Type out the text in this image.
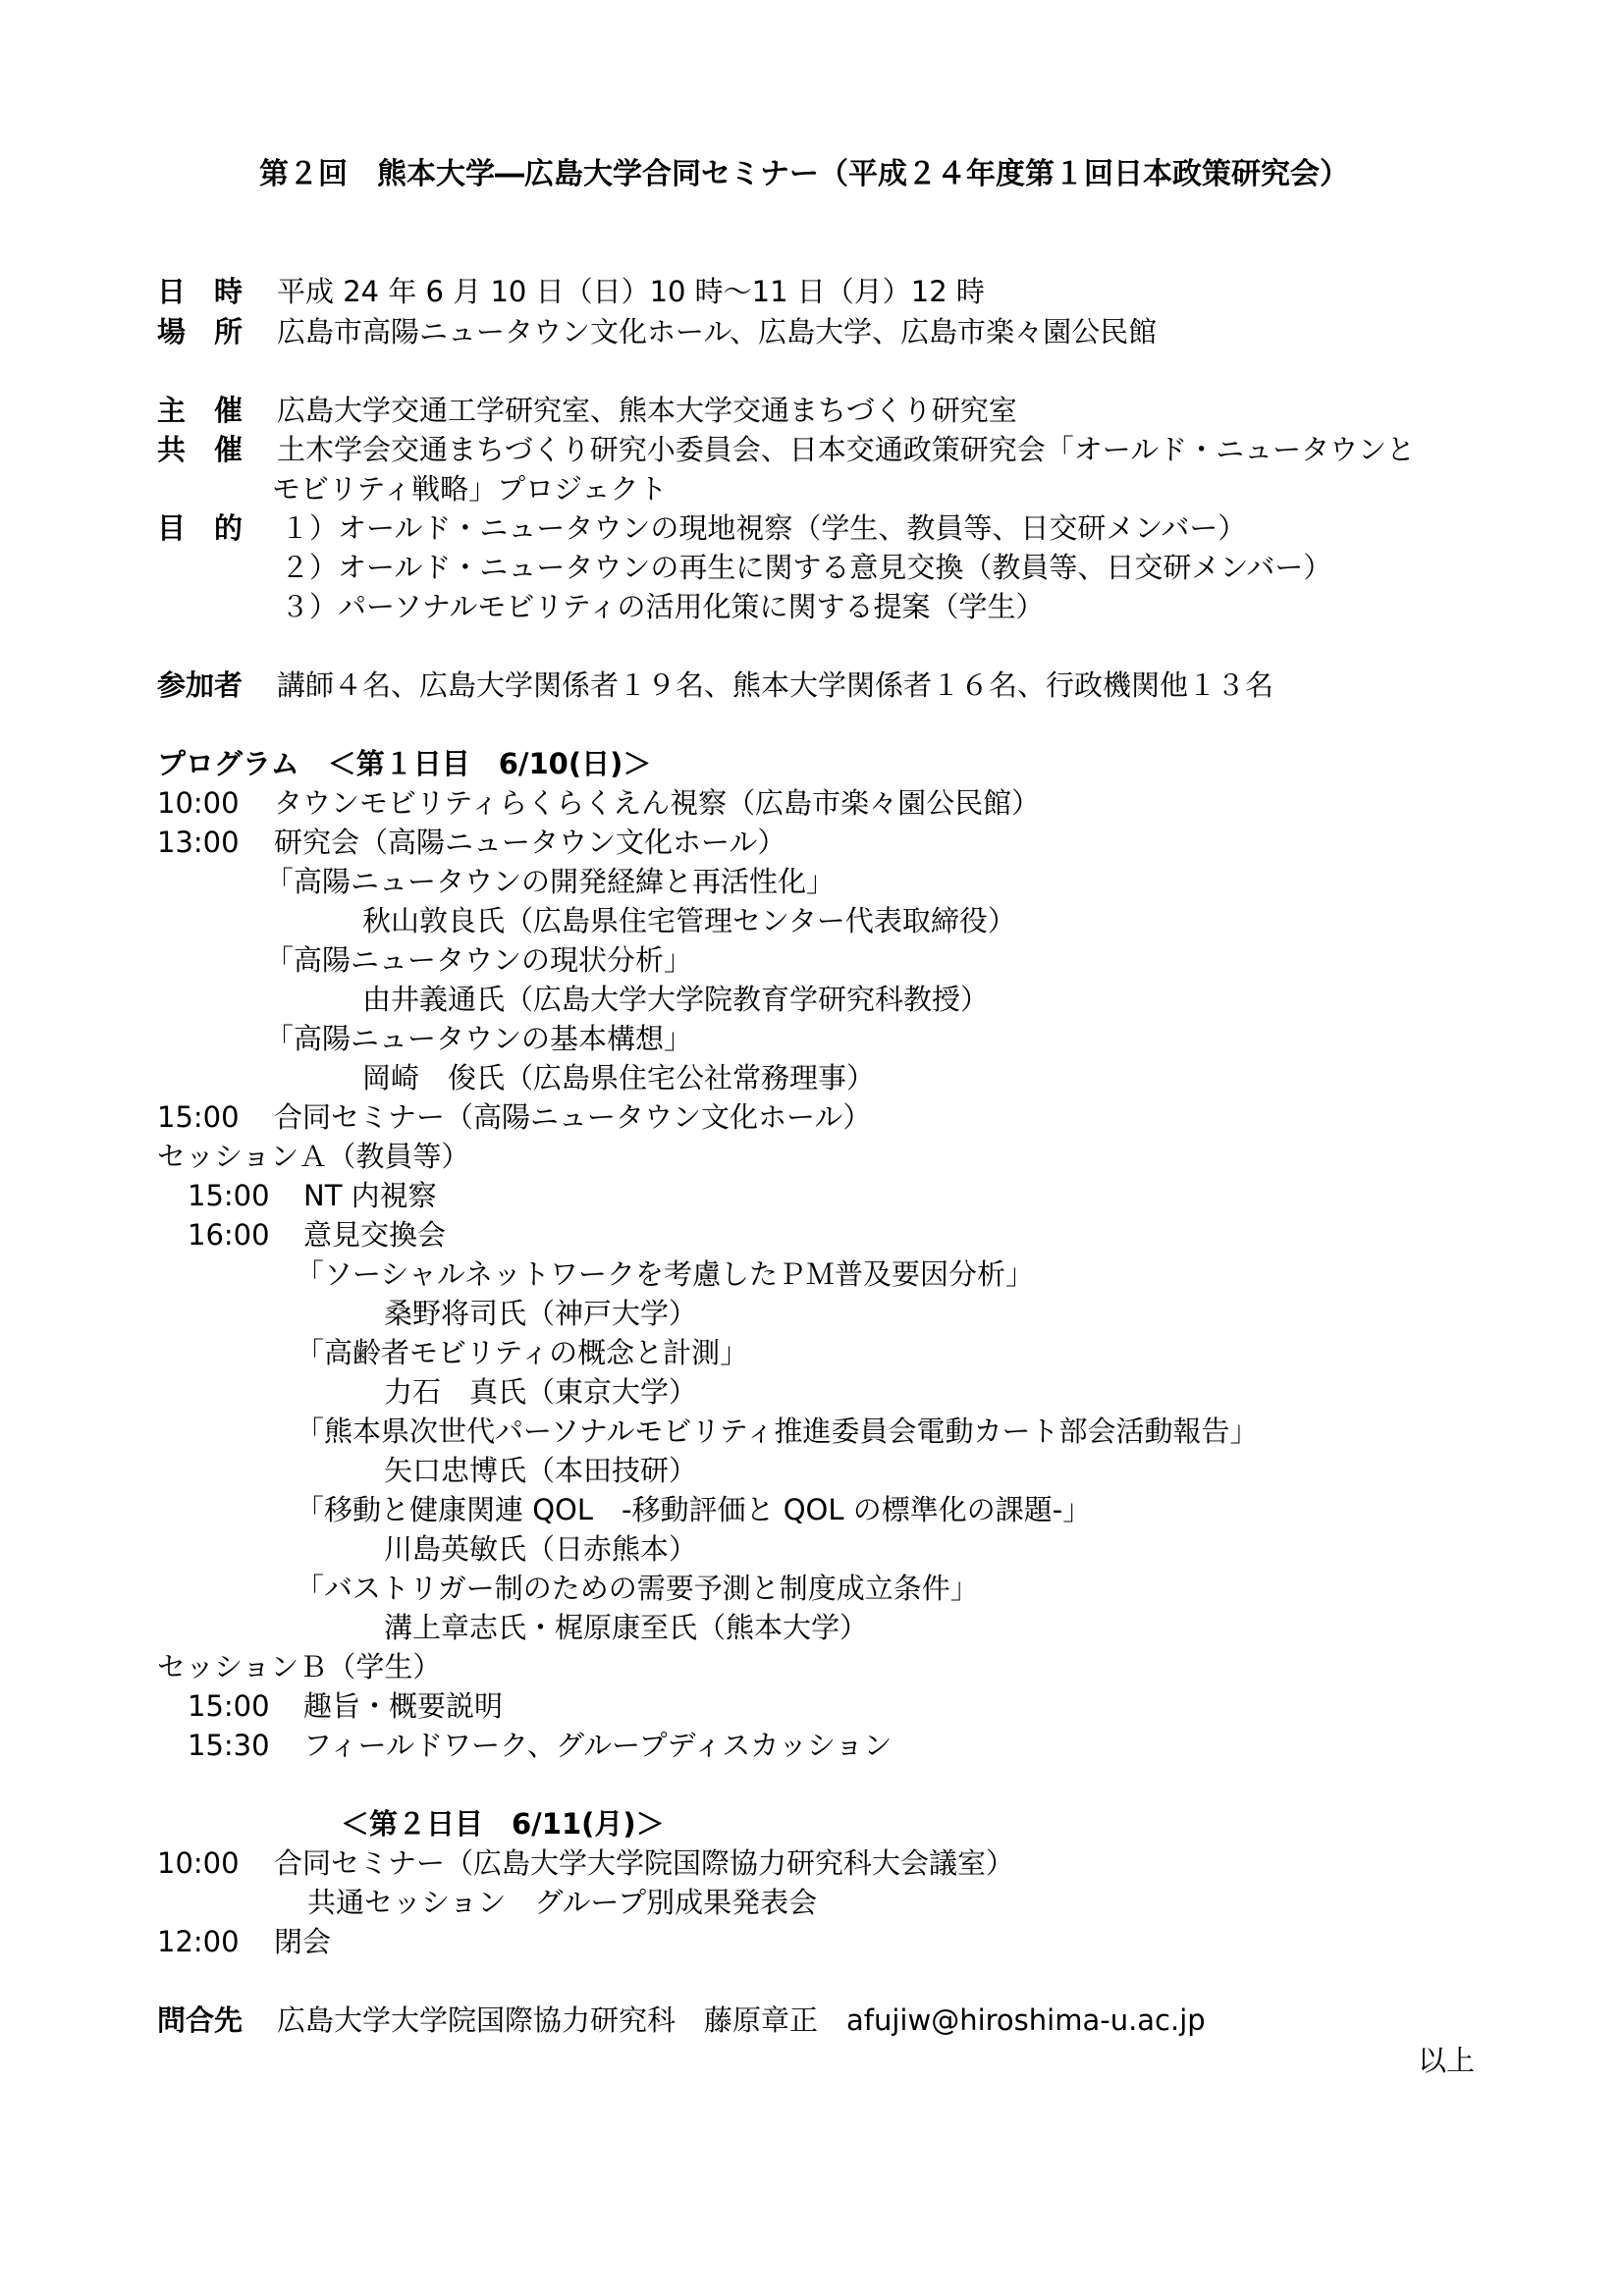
第２回　熊本大学―広島大学合同セミナー（平成２４年度第１回日本政策研究会）
日　時 平成 24 年 6 月 10 日（日）10 時～11 日（月）12 時
場　所 広島市高陽ニュータウン文化ホール、広島大学、広島市楽々園公民館
主　催 広島大学交通工学研究室、熊本大学交通まちづくり研究室
共　催 土木学会交通まちづくり研究小委員会、日本交通政策研究会「オールド・ニュータウンと
モビリティ戦略」プロジェクト
目　的 １）オールド・ニュータウンの現地視察（学生、教員等、日交研メンバー）
２）オールド・ニュータウンの再生に関する意見交換（教員等、日交研メンバー）
３）パーソナルモビリティの活用化策に関する提案（学生）
参加者 講師４名、広島大学関係者１９名、熊本大学関係者１６名、行政機関他１３名
プログラム　＜第１日目　6/10(日)＞
10:00 タウンモビリティらくらくえん視察（広島市楽々園公民館）
13:00 研究会（高陽ニュータウン文化ホール）
「高陽ニュータウンの開発経緯と再活性化」
秋山敦良氏（広島県住宅管理センター代表取締役）
「高陽ニュータウンの現状分析」
由井義通氏（広島大学大学院教育学研究科教授）
「高陽ニュータウンの基本構想」
岡崎　俊氏（広島県住宅公社常務理事）
15:00 合同セミナー（高陽ニュータウン文化ホール）
セッションＡ（教員等）
15:00 NT 内視察
16:00 意見交換会
「ソーシャルネットワークを考慮したＰＭ普及要因分析」
桑野将司氏（神戸大学）
「高齢者モビリティの概念と計測」
力石　真氏（東京大学）
「熊本県次世代パーソナルモビリティ推進委員会電動カート部会活動報告」
矢口忠博氏（本田技研）
「移動と健康関連 QOL　-移動評価と QOL の標準化の課題-」
川島英敏氏（日赤熊本）
「バストリガー制のための需要予測と制度成立条件」
溝上章志氏・梶原康至氏（熊本大学）
セッションＢ（学生）
15:00 趣旨・概要説明
15:30 フィールドワーク、グループディスカッション
＜第２日目　6/11(月)＞
10:00 合同セミナー（広島大学大学院国際協力研究科大会議室）
共通セッション　グループ別成果発表会
12:00 閉会
問合先 広島大学大学院国際協力研究科　藤原章正　afujiw@hiroshima-u.ac.jp
以上
